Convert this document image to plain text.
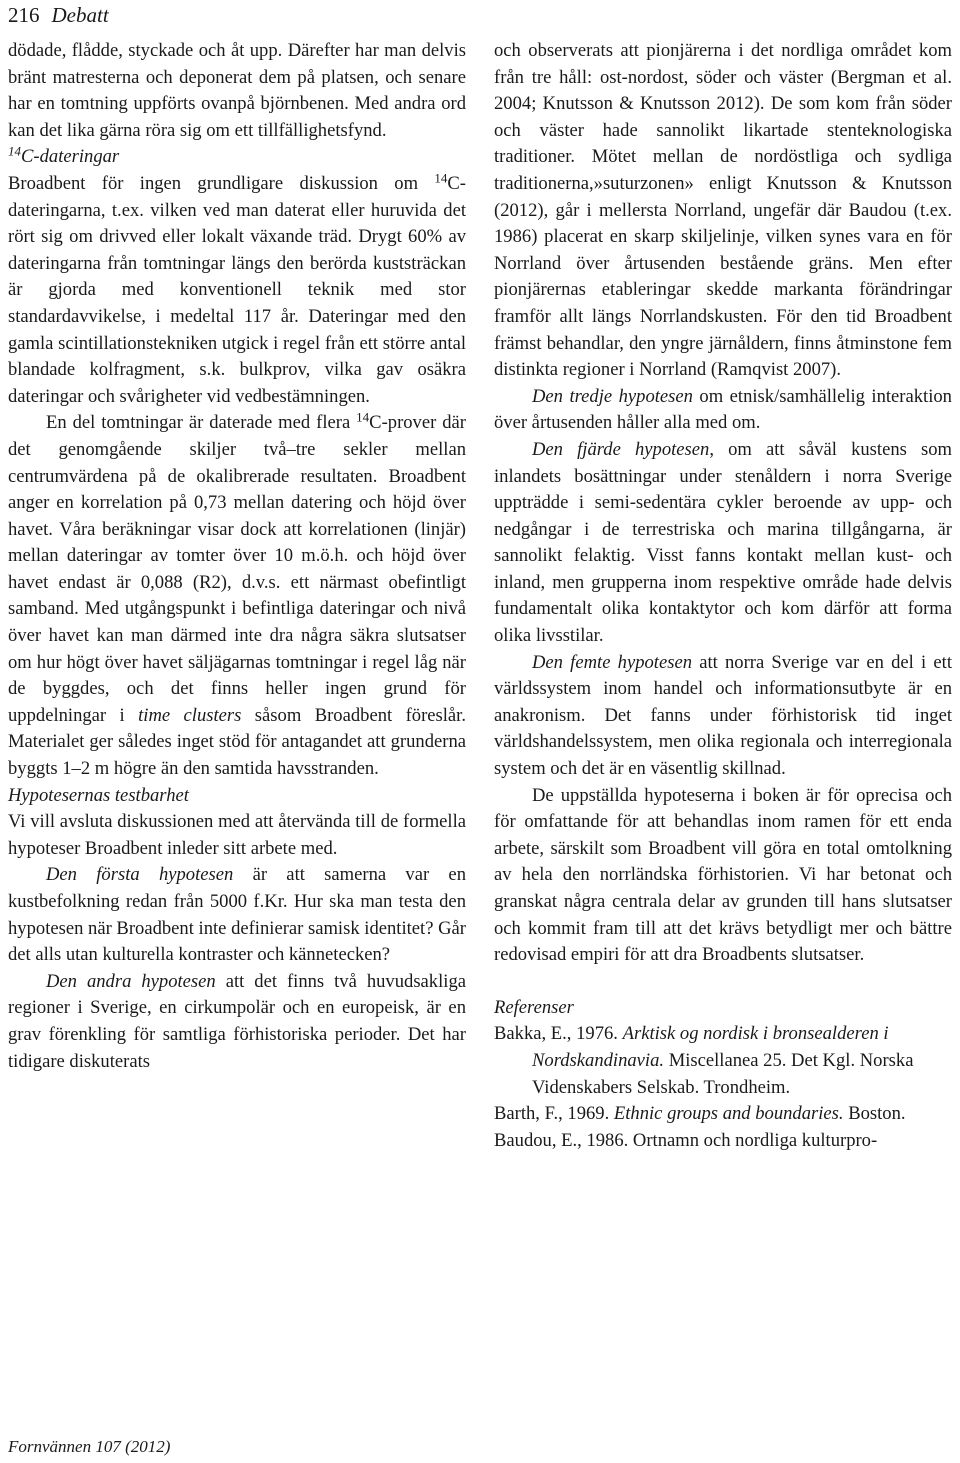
216 Debatt

dödade, flådde, styckade och åt upp. Därefter har man delvis bränt matresterna och deponerat dem på platsen, och senare har en tomtning uppförts ovanpå björnbenen. Med andra ord kan det lika gärna röra sig om ett tillfällighetsfynd.

$^{14}$C-dateringar

Broadbent för ingen grundligare diskussion om $^{14}$C-dateringarna, t.ex. vilken ved man daterat eller huruvida det rört sig om drivved eller lokalt växande träd. Drygt 60% av dateringarna från tomtningar längs den berörda kuststräckan är gjorda med konventionell teknik med stor standardavvikelse, i medeltal 117 år. Dateringar med den gamla scintillationstekniken utgick i regel från ett större antal blandade kolfragment, s.k. bulkprov, vilka gav osäkra dateringar och svårigheter vid vedbestämningen.

En del tomtningar är daterade med flera $^{14}$C-prover där det genomgående skiljer två–tre sekler mellan centrumvärdena på de okalibrerade resultaten. Broadbent anger en korrelation på 0,73 mellan datering och höjd över havet. Våra beräkningar visar dock att korrelationen (linjär) mellan dateringar av tomter över 10 m.ö.h. och höjd över havet endast är 0,088 (R2), d.v.s. ett närmast obefintligt samband. Med utgångspunkt i befintliga dateringar och nivå över havet kan man därmed inte dra några säkra slutsatser om hur högt över havet säljägarnas tomtningar i regel låg när de byggdes, och det finns heller ingen grund för uppdelningar i time clusters såsom Broadbent föreslår. Materialet ger således inget stöd för antagandet att grunderna byggts 1–2 m högre än den samtida havsstranden.

Hypotesernas testbarhet

Vi vill avsluta diskussionen med att återvända till de formella hypoteser Broadbent inleder sitt arbete med.

Den första hypotesen är att samerna var en kustbefolkning redan från 5000 f.Kr. Hur ska man testa den hypotesen när Broadbent inte definierar samisk identitet? Går det alls utan kulturella kontraster och kännetecken?

Den andra hypotesen att det finns två huvudsakliga regioner i Sverige, en cirkumpolär och en europeisk, är en grav förenkling för samtliga förhistoriska perioder. Det har tidigare diskuterats

och observerats att pionjärerna i det nordliga området kom från tre håll: ost-nordost, söder och väster (Bergman et al. 2004; Knutsson & Knutsson 2012). De som kom från söder och väster hade sannolikt likartade stenteknologiska traditioner. Mötet mellan de nordöstliga och sydliga traditionerna,»suturzonen» enligt Knutsson & Knutsson (2012), går i mellersta Norrland, ungefär där Baudou (t.ex. 1986) placerat en skarp skiljelinje, vilken synes vara en för Norrland över årtusenden bestående gräns. Men efter pionjärernas etableringar skedde markanta förändringar framför allt längs Norrlandskusten. För den tid Broadbent främst behandlar, den yngre järnåldern, finns åtminstone fem distinkta regioner i Norrland (Ramqvist 2007).

Den tredje hypotesen om etnisk/samhällelig interaktion över årtusenden håller alla med om.

Den fjärde hypotesen, om att såväl kustens som inlandets bosättningar under stenåldern i norra Sverige uppträdde i semi-sedentära cykler beroende av upp- och nedgångar i de terrestriska och marina tillgångarna, är sannolikt felaktig. Visst fanns kontakt mellan kust- och inland, men grupperna inom respektive område hade delvis fundamentalt olika kontaktytor och kom därför att forma olika livsstilar.

Den femte hypotesen att norra Sverige var en del i ett världssystem inom handel och informationsutbyte är en anakronism. Det fanns under förhistorisk tid inget världshandelssystem, men olika regionala och interregionala system och det är en väsentlig skillnad.

De uppställda hypoteserna i boken är för oprecisa och för omfattande för att behandlas inom ramen för ett enda arbete, särskilt som Broadbent vill göra en total omtolkning av hela den norrländska förhistorien. Vi har betonat och granskat några centrala delar av grunden till hans slutsatser och kommit fram till att det krävs betydligt mer och bättre redovisad empiri för att dra Broadbents slutsatser.

Referenser

Bakka, E., 1976. Arktisk og nordisk i bronsealderen i Nordskandinavia. Miscellanea 25. Det Kgl. Norska Videnskabers Selskab. Trondheim.

Barth, F., 1969. Ethnic groups and boundaries. Boston.

Baudou, E., 1986. Ortnamn och nordliga kulturpro-

Fornvännen 107 (2012)
